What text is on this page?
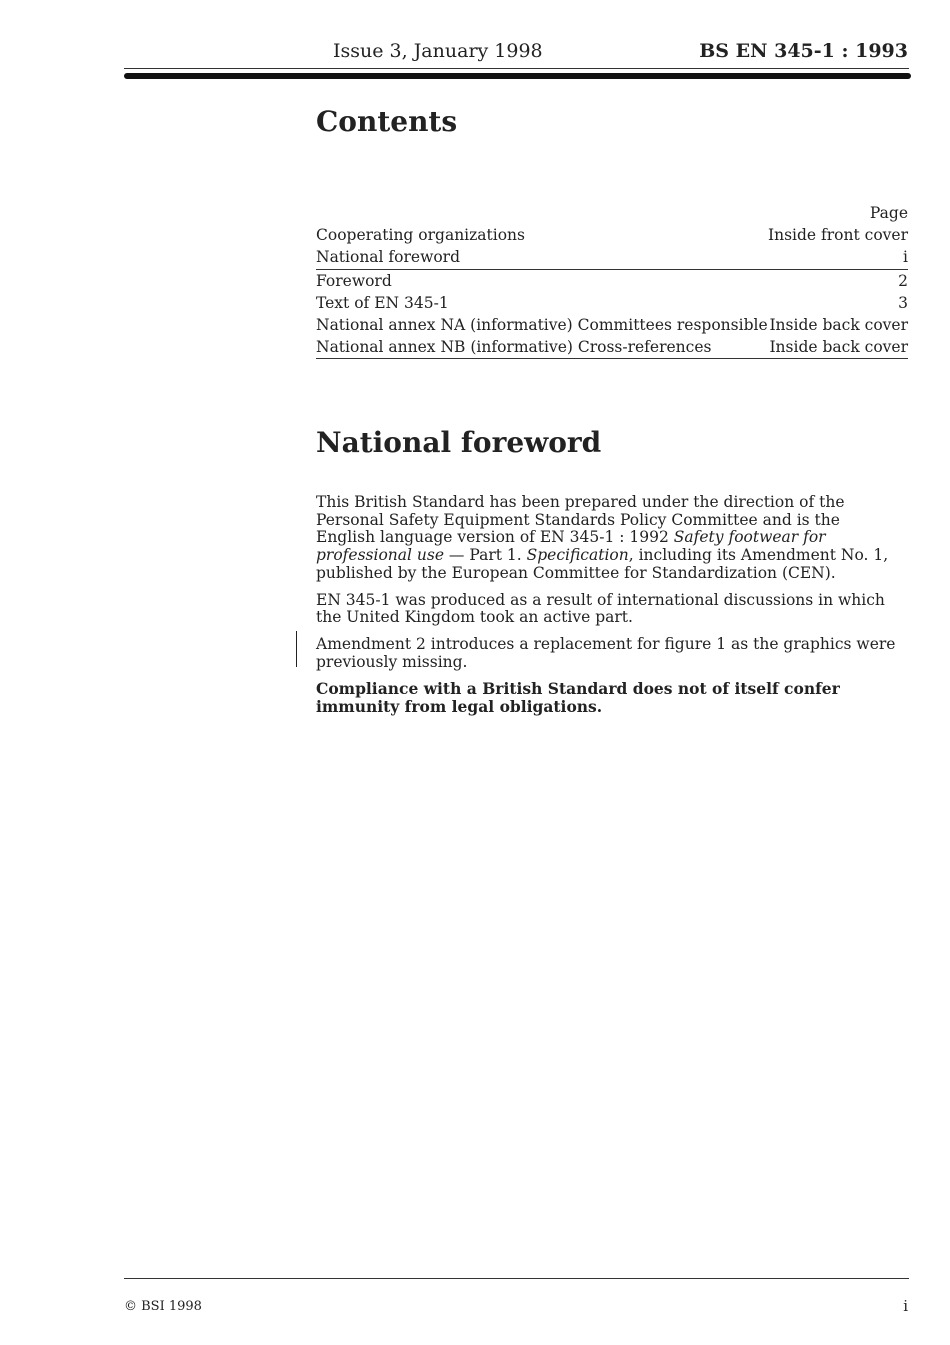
Issue 3, January 1998	BS EN 345-1 : 1993
Contents
Page
Cooperating organizations	Inside front cover
National foreword	i
Foreword	2
Text of EN 345-1	3
National annex NA (informative) Committees responsible Inside back cover
National annex NB (informative) Cross-references	Inside back cover
National foreword

This British Standard has been prepared under the direction of the Personal Safety Equipment Standards Policy Committee and is the English language version of EN 345-1 : 1992 Safety footwear for professional use — Part 1. Specification, including its Amendment No. 1, published by the European Committee for Standardization (CEN).

EN 345-1 was produced as a result of international discussions in which the United Kingdom took an active part.

Amendment 2 introduces a replacement for figure 1 as the graphics were previously missing.

Compliance with a British Standard does not of itself confer immunity from legal obligations.

© BSI 1998	i
